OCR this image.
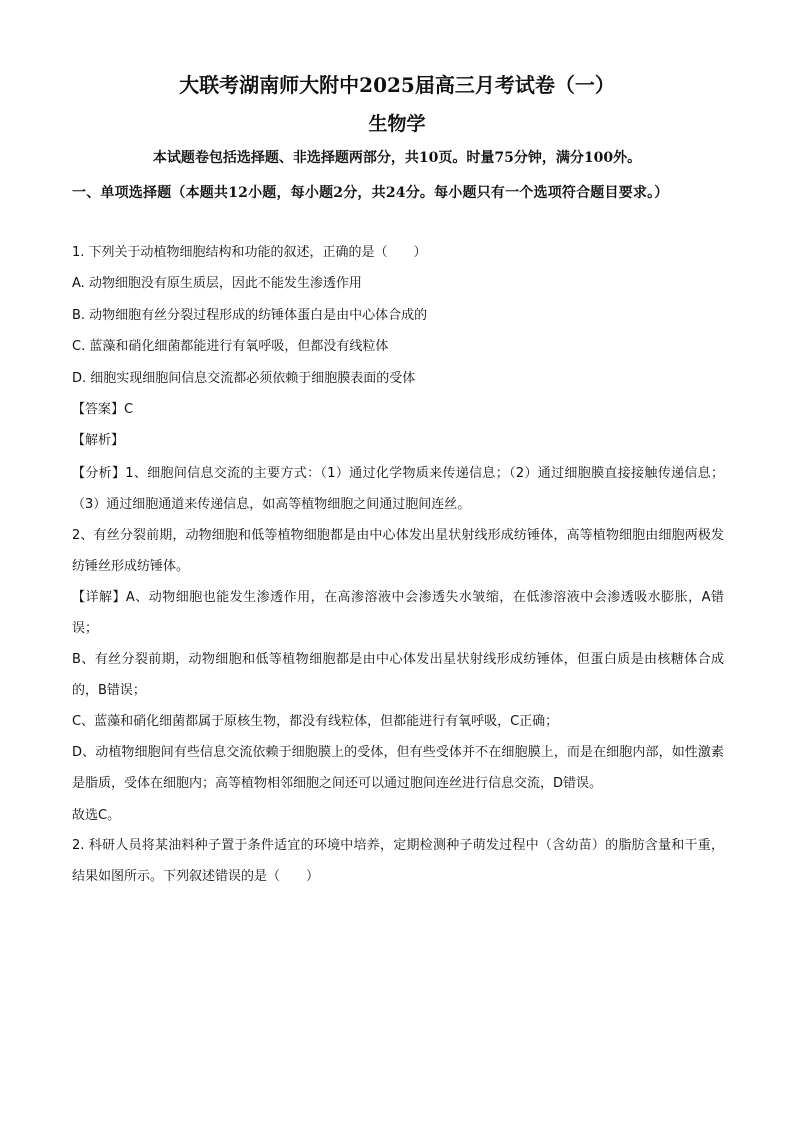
大联考湖南师大附中2025届高三月考试卷（一）
生物学
本试题卷包括选择题、非选择题两部分，共10页。时量75分钟，满分100外。
一、单项选择题（本题共12小题，每小题2分，共24分。每小题只有一个选项符合题目要求。）
1. 下列关于动植物细胞结构和功能的叙述，正确的是（　　）
A. 动物细胞没有原生质层，因此不能发生渗透作用
B. 动物细胞有丝分裂过程形成的纺锤体蛋白是由中心体合成的
C. 蓝藻和硝化细菌都能进行有氧呼吸，但都没有线粒体
D. 细胞实现细胞间信息交流都必须依赖于细胞膜表面的受体
【答案】C
【解析】
【分析】1、细胞间信息交流的主要方式：（1）通过化学物质来传递信息；（2）通过细胞膜直接接触传递信息；（3）通过细胞通道来传递信息，如高等植物细胞之间通过胞间连丝。
2、有丝分裂前期，动物细胞和低等植物细胞都是由中心体发出星状射线形成纺锤体，高等植物细胞由细胞两极发纺锤丝形成纺锤体。
【详解】A、动物细胞也能发生渗透作用，在高渗溶液中会渗透失水皱缩，在低渗溶液中会渗透吸水膨胀，A错误；
B、有丝分裂前期，动物细胞和低等植物细胞都是由中心体发出星状射线形成纺锤体，但蛋白质是由核糖体合成的，B错误；
C、蓝藻和硝化细菌都属于原核生物，都没有线粒体，但都能进行有氧呼吸，C正确；
D、动植物细胞间有些信息交流依赖于细胞膜上的受体，但有些受体并不在细胞膜上，而是在细胞内部，如性激素是脂质，受体在细胞内；高等植物相邻细胞之间还可以通过胞间连丝进行信息交流，D错误。
故选C。
2. 科研人员将某油料种子置于条件适宜的环境中培养，定期检测种子萌发过程中（含幼苗）的脂肪含量和干重，结果如图所示。下列叙述错误的是（　　）
